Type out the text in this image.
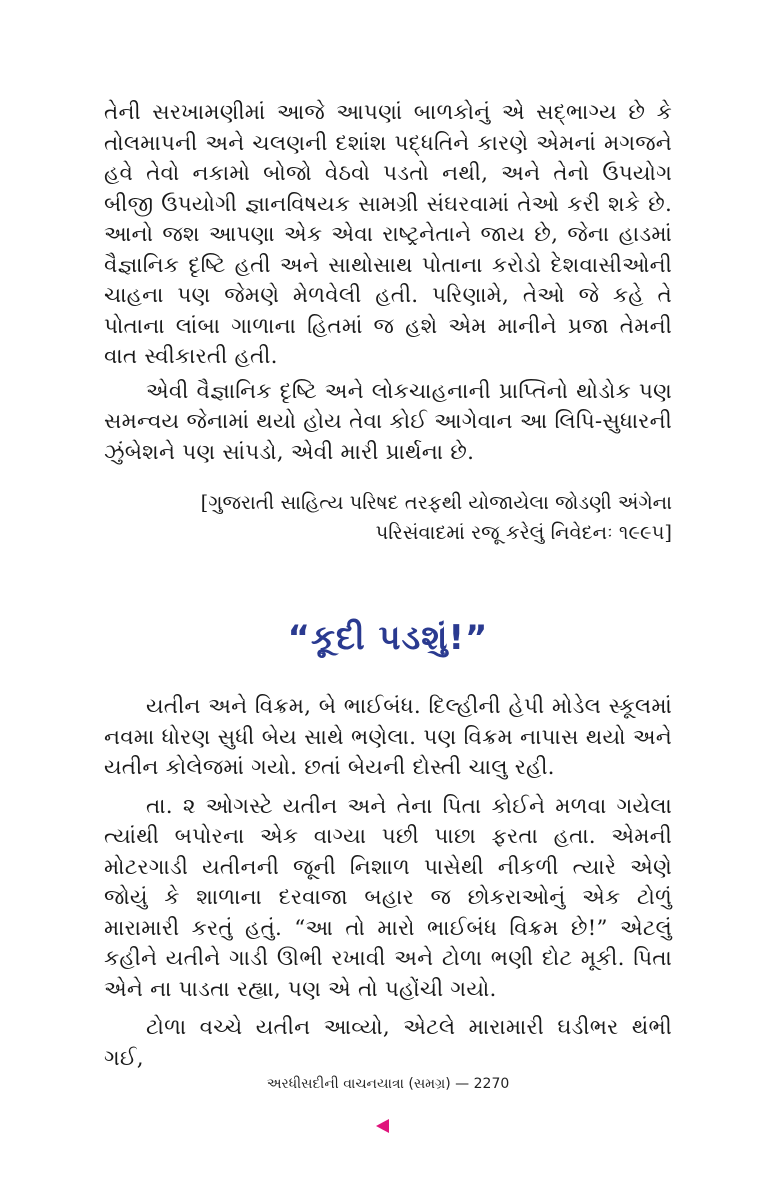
તેની સરખામણીમાં આજે આપણાં બાળકોનું એ સદ્ભાગ્ય છે કે તોલમાપની અને ચલણની દશાંશ પદ્ધતિને કારણે એમનાં મગજને હવે તેવો નકામો બોજો વેઠવો પડતો નથી, અને તેનો ઉપયોગ બીજી ઉપયોગી જ્ઞાનવિષયક સામગ્રી સંઘરવામાં તેઓ કરી શકે છે. આનો જશ આપણા એક એવા રાષ્ટ્રનેતાને જાય છે, જેના હાડમાં વૈજ્ઞાનિક દૃષ્ટિ હતી અને સાથોસાથ પોતાના કરોડો દેશવાસીઓની ચાહના પણ જેમણે મેળવેલી હતી. પરિણામે, તેઓ જે કહે તે પોતાના લાંબા ગાળાના હિતમાં જ હશે એમ માનીને પ્રજા તેમની વાત સ્વીકારતી હતી.

એવી વૈજ્ઞાનિક દૃષ્ટિ અને લોકચાહનાની પ્રાપ્તિનો થોડોક પણ સમન્વય જેનામાં થયો હોય તેવા કોઈ આગેવાન આ લિપિ-સુધારની ઝુંબેશને પણ સાંપડો, એવી મારી પ્રાર્થના છે.

[ગુજરાતી સાહિત્ય પરિષદ તરફથી યોજાયેલા જોડણી અંગેના
પરિસંવાદમાં રજૂ કરેલું નિવેદનઃ ૧૯૯૫]
“કૂદી પડશું!”

યતીન અને વિક્રમ, બે ભાઈબંધ. દિલ્હીની હેપી મોડેલ સ્કૂલમાં નવમા ધોરણ સુધી બેય સાથે ભણેલા. પણ વિક્રમ નાપાસ થયો અને યતીન કોલેજમાં ગયો. છતાં બેયની દોસ્તી ચાલુ રહી.

તા. ૨ ઓગસ્ટે યતીન અને તેના પિતા કોઈને મળવા ગયેલા ત્યાંથી બપોરના એક વાગ્યા પછી પાછા ફરતા હતા. એમની મોટરગાડી યતીનની જૂની નિશાળ પાસેથી નીકળી ત્યારે એણે જોયું કે શાળાના દરવાજા બહાર જ છોકરાઓનું એક ટોળું મારામારી કરતું હતું. “આ તો મારો ભાઈબંધ વિક્રમ છે!” એટલું કહીને યતીને ગાડી ઊભી રખાવી અને ટોળા ભણી દોટ મૂકી. પિતા એને ના પાડતા રહ્યા, પણ એ તો પહોંચી ગયો.

ટોળા વચ્ચે યતીન આવ્યો, એટલે મારામારી ઘડીભર થંભી ગઈ,

અરધીસદીની વાચનયાત્રા (સમગ્ર) — 2270
